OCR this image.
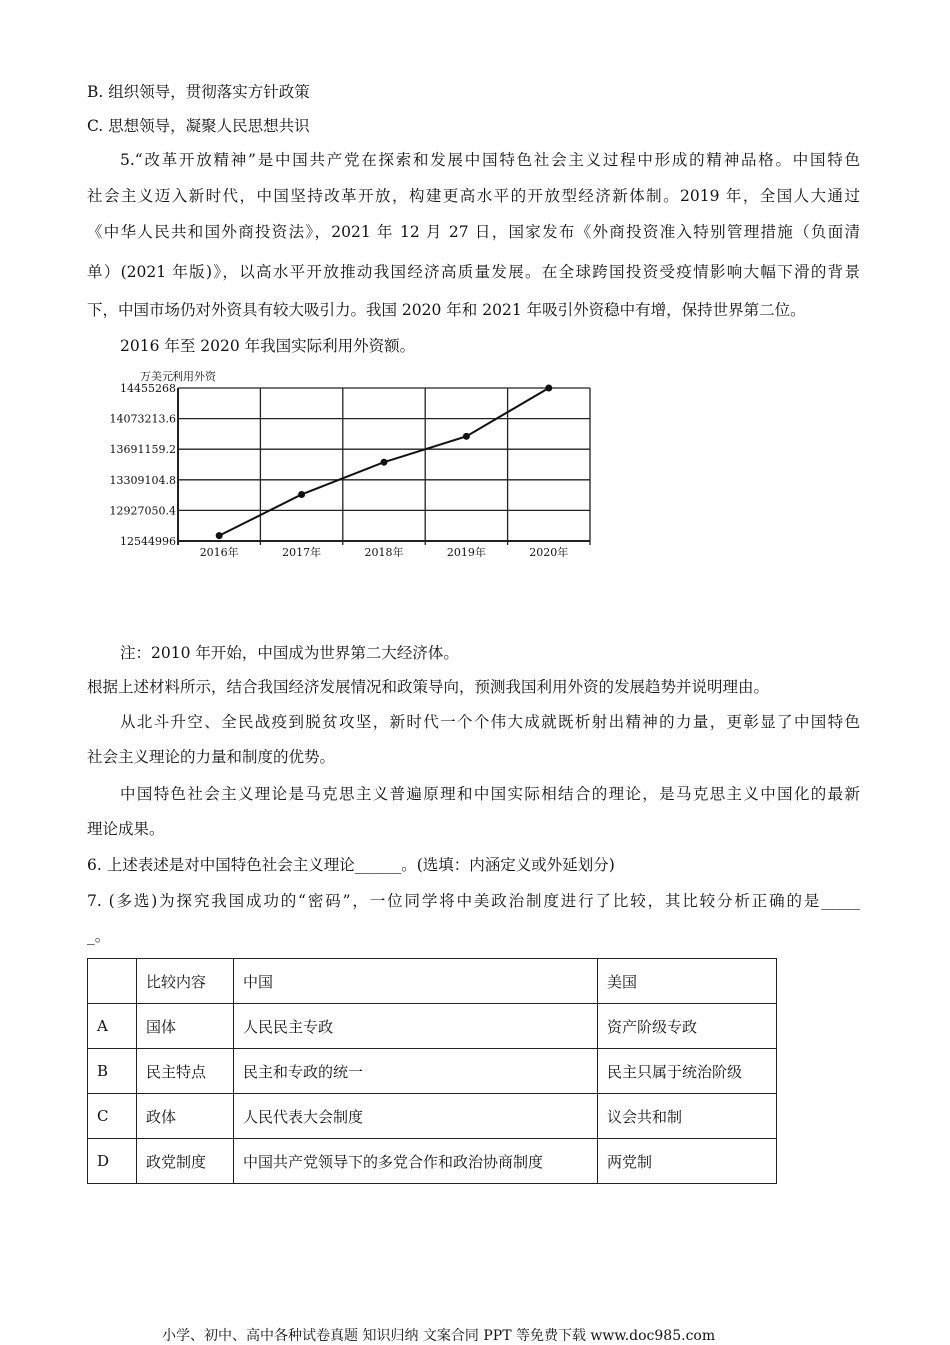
B. 组织领导，贯彻落实方针政策
C. 思想领导，凝聚人民思想共识
5.“改革开放精神”是中国共产党在探索和发展中国特色社会主义过程中形成的精神品格。中国特色
社会主义迈入新时代，中国坚持改革开放，构建更高水平的开放型经济新体制。2019 年，全国人大通过
《中华人民共和国外商投资法》，2021 年 12 月 27 日，国家发布《外商投资准入特别管理措施（负面清
单）(2021 年版)》，以高水平开放推动我国经济高质量发展。在全球跨国投资受疫情影响大幅下滑的背景
下，中国市场仍对外资具有较大吸引力。我国 2020 年和 2021 年吸引外资稳中有增，保持世界第二位。
2016 年至 2020 年我国实际利用外资额。
万美元 利用外资
12544996
12927050.4
13309104.8
13691159.2
14073213.6
14455268
2016年	2017年	2018年	2019年	2020年
注：2010 年开始，中国成为世界第二大经济体。
根据上述材料所示，结合我国经济发展情况和政策导向，预测我国利用外资的发展趋势并说明理由。
从北斗升空、全民战疫到脱贫攻坚，新时代一个个伟大成就既析射出精神的力量，更彰显了中国特色
社会主义理论的力量和制度的优势。
中国特色社会主义理论是马克思主义普遍原理和中国实际相结合的理论，是马克思主义中国化的最新
理论成果。
6. 上述表述是对中国特色社会主义理论______。(选填：内涵定义或外延划分)
7. (多选)为探究我国成功的“密码”，一位同学将中美政治制度进行了比较，其比较分析正确的是_____
_。
	比较内容	中国	美国
A	国体	人民民主专政	资产阶级专政
B	民主特点	民主和专政的统一	民主只属于统治阶级
C	政体	人民代表大会制度	议会共和制
D	政党制度	中国共产党领导下的多党合作和政治协商制度	两党制
小学、初中、高中各种试卷真题 知识归纳 文案合同 PPT 等免费下载 www.doc985.com
